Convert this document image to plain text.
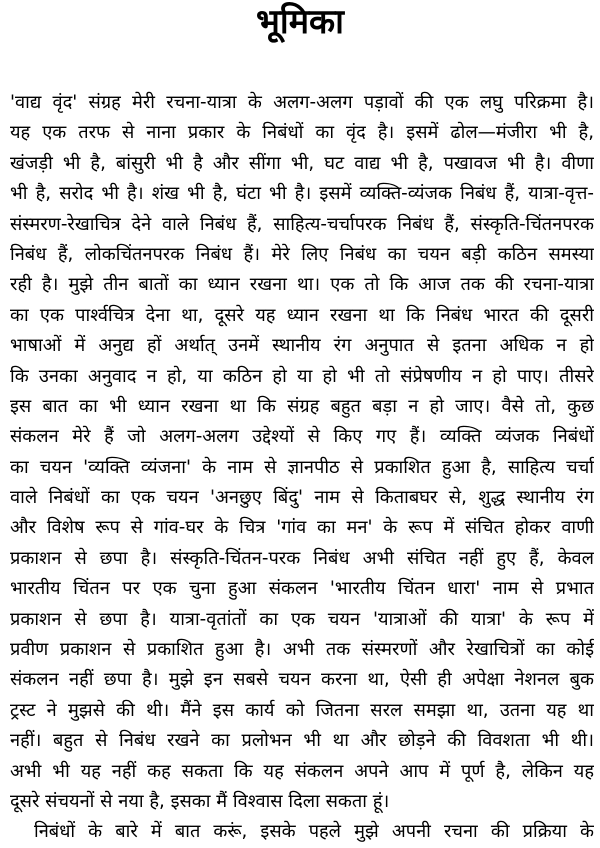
भूमिका
'वाद्य वृंद' संग्रह मेरी रचना-यात्रा के अलग-अलग पड़ावों की एक लघु परिक्रमा है।
यह एक तरफ से नाना प्रकार के निबंधों का वृंद है। इसमें ढोल—मंजीरा भी है,
खंजड़ी भी है, बांसुरी भी है और सींगा भी, घट वाद्य भी है, पखावज भी है। वीणा
भी है, सरोद भी है। शंख भी है, घंटा भी है। इसमें व्यक्ति-व्यंजक निबंध हैं, यात्रा-वृत्त-
संस्मरण-रेखाचित्र देने वाले निबंध हैं, साहित्य-चर्चापरक निबंध हैं, संस्कृति-चिंतनपरक
निबंध हैं, लोकचिंतनपरक निबंध हैं। मेरे लिए निबंध का चयन बड़ी कठिन समस्या
रही है। मुझे तीन बातों का ध्यान रखना था। एक तो कि आज तक की रचना-यात्रा
का एक पार्श्वचित्र देना था, दूसरे यह ध्यान रखना था कि निबंध भारत की दूसरी
भाषाओं में अनुद्य हों अर्थात् उनमें स्थानीय रंग अनुपात से इतना अधिक न हो
कि उनका अनुवाद न हो, या कठिन हो या हो भी तो संप्रेषणीय न हो पाए। तीसरे
इस बात का भी ध्यान रखना था कि संग्रह बहुत बड़ा न हो जाए। वैसे तो, कुछ
संकलन मेरे हैं जो अलग-अलग उद्देश्यों से किए गए हैं। व्यक्ति व्यंजक निबंधों
का चयन 'व्यक्ति व्यंजना' के नाम से ज्ञानपीठ से प्रकाशित हुआ है, साहित्य चर्चा
वाले निबंधों का एक चयन 'अनछुए बिंदु' नाम से किताबघर से, शुद्ध स्थानीय रंग
और विशेष रूप से गांव-घर के चित्र 'गांव का मन' के रूप में संचित होकर वाणी
प्रकाशन से छपा है। संस्कृति-चिंतन-परक निबंध अभी संचित नहीं हुए हैं, केवल
भारतीय चिंतन पर एक चुना हुआ संकलन 'भारतीय चिंतन धारा' नाम से प्रभात
प्रकाशन से छपा है। यात्रा-वृतांतों का एक चयन 'यात्राओं की यात्रा' के रूप में
प्रवीण प्रकाशन से प्रकाशित हुआ है। अभी तक संस्मरणों और रेखाचित्रों का कोई
संकलन नहीं छपा है। मुझे इन सबसे चयन करना था, ऐसी ही अपेक्षा नेशनल बुक
ट्रस्ट ने मुझसे की थी। मैंने इस कार्य को जितना सरल समझा था, उतना यह था
नहीं। बहुत से निबंध रखने का प्रलोभन भी था और छोड़ने की विवशता भी थी।
अभी भी यह नहीं कह सकता कि यह संकलन अपने आप में पूर्ण है, लेकिन यह
दूसरे संचयनों से नया है, इसका मैं विश्वास दिला सकता हूं।
निबंधों के बारे में बात करूं, इसके पहले मुझे अपनी रचना की प्रक्रिया के
